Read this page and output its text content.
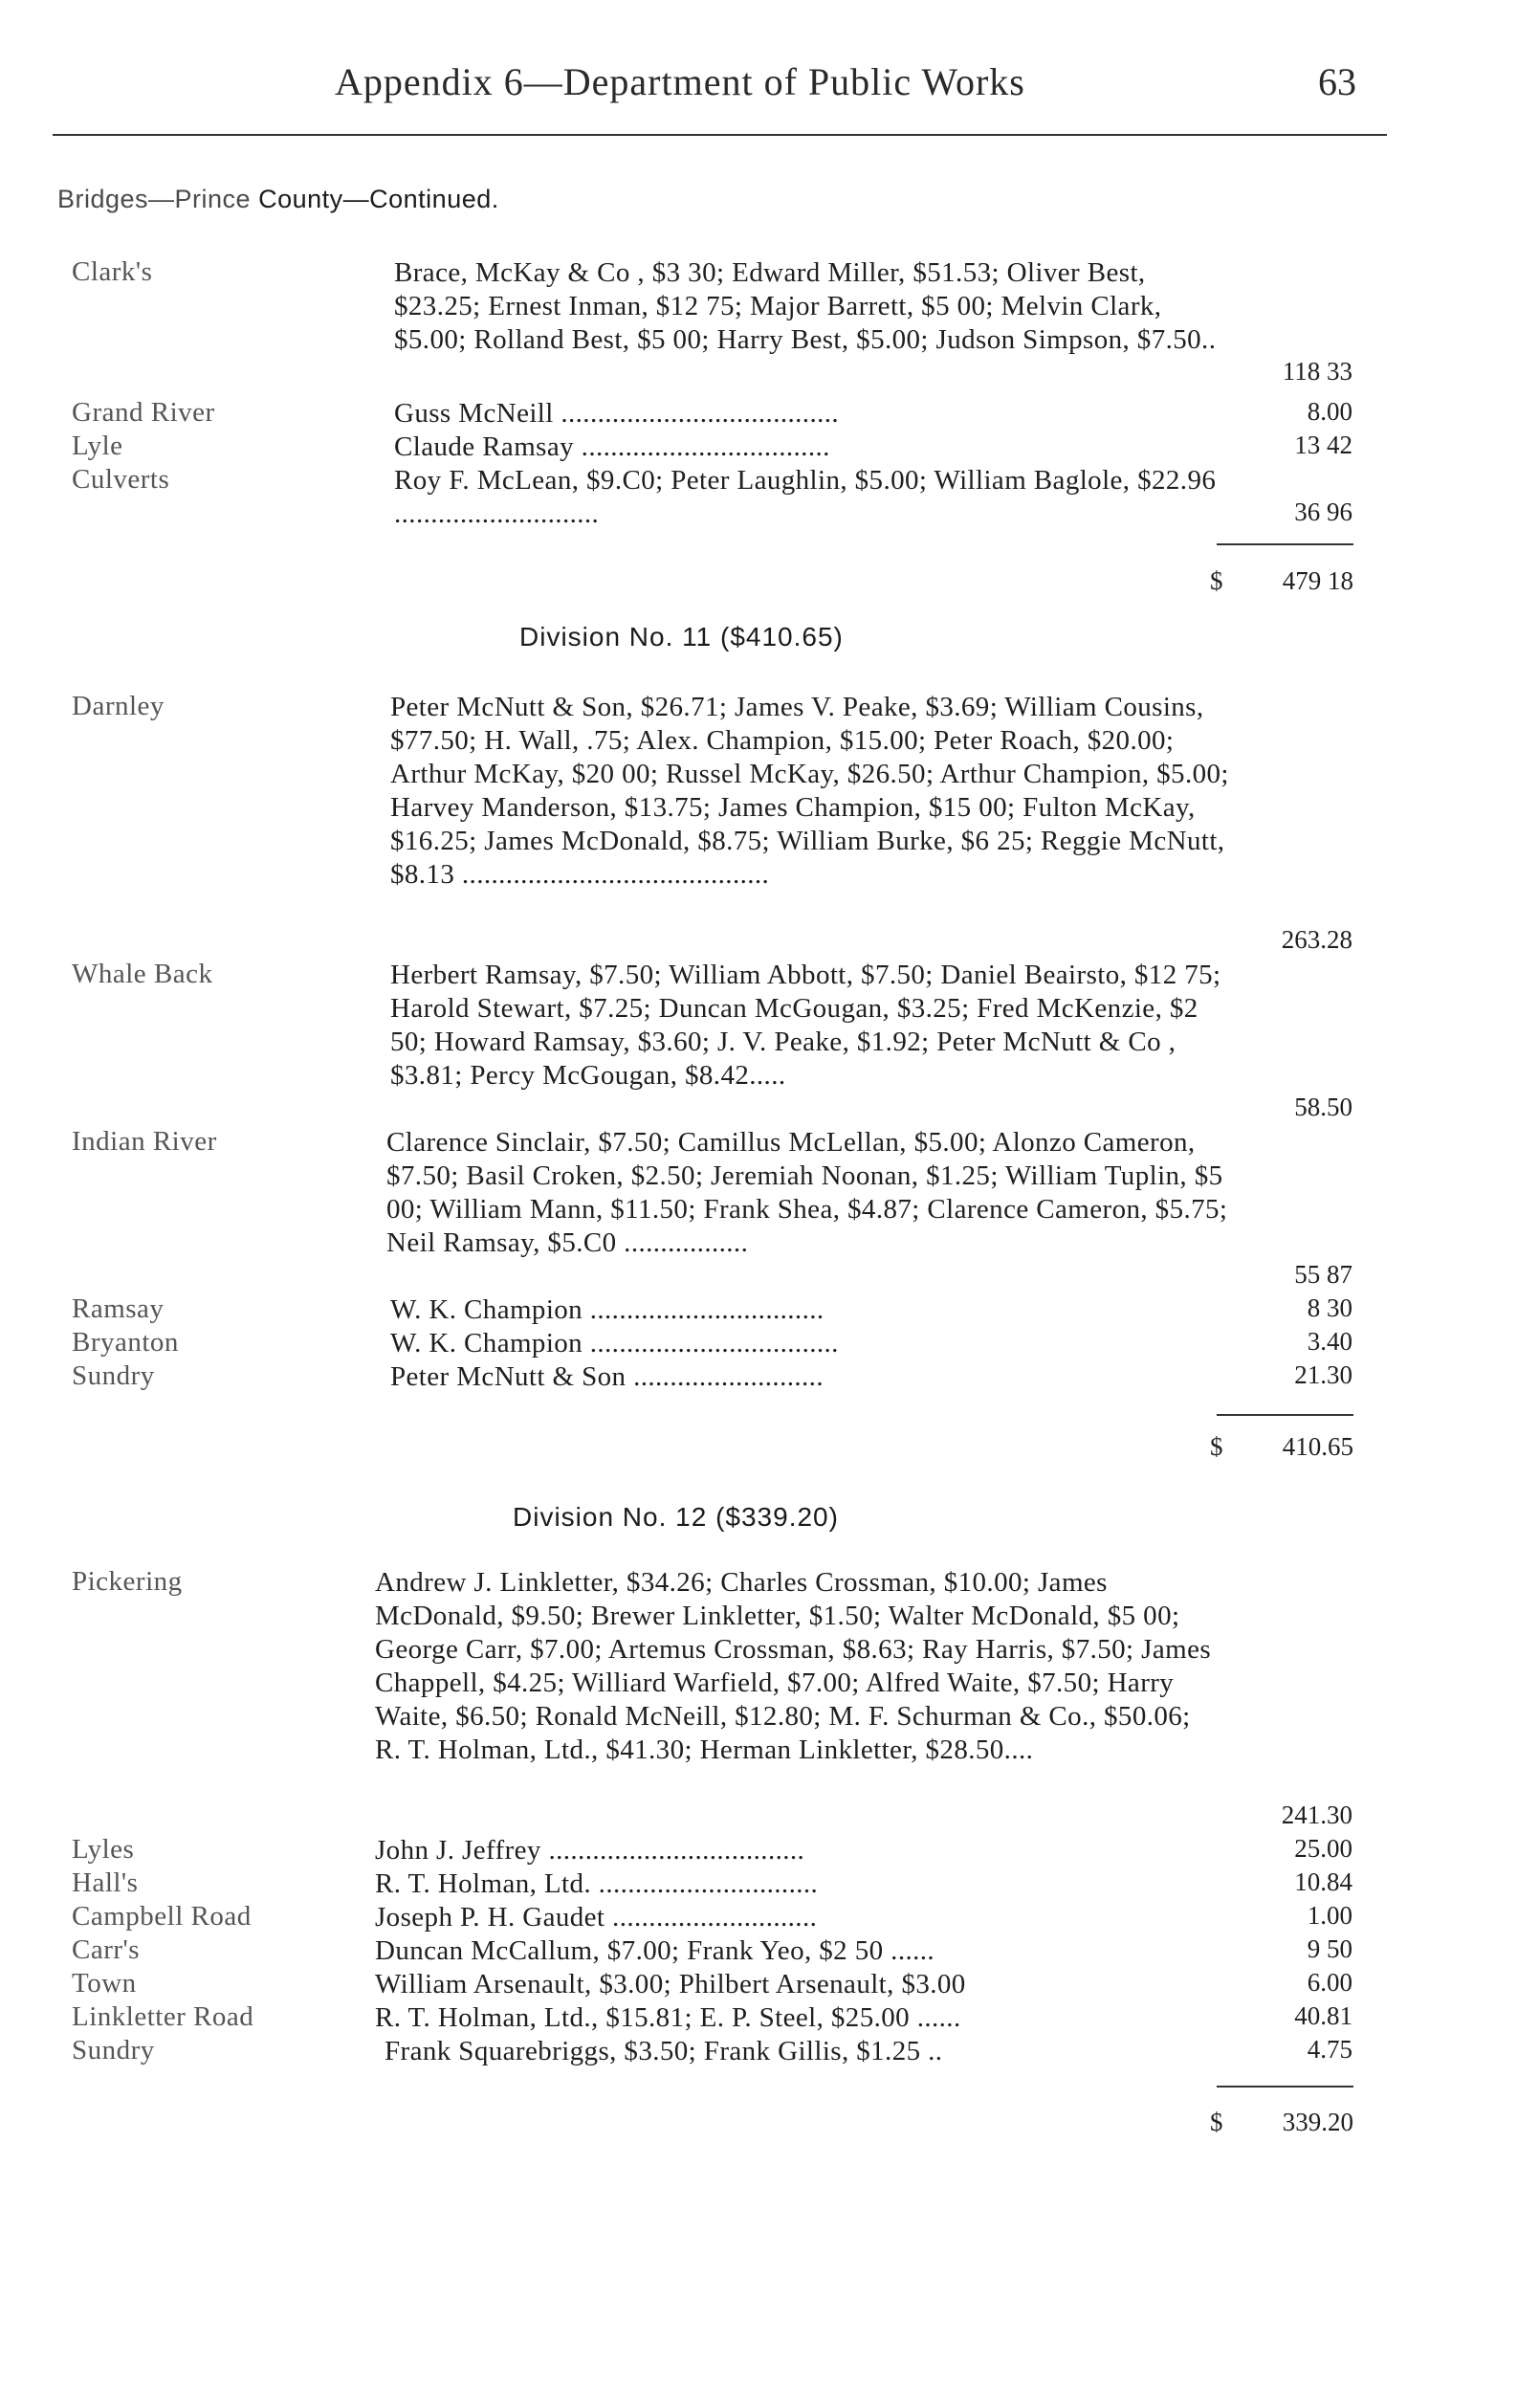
Appendix 6—Department of Public Works	63
Bridges—Prince County—Continued.
Clark's	Brace, McKay & Co , $3 30; Edward Miller, $51.53; Oliver Best, $23.25; Ernest Inman, $12 75; Major Barrett, $5 00; Melvin Clark, $5.00; Rolland Best, $5 00; Harry Best, $5.00; Judson Simpson, $7.50..
118 33
Grand River	Guss McNeill ......................................	8.00
Lyle	Claude Ramsay ..................................	13 42
Culverts	Roy F. McLean, $9.C0; Peter Laughlin, $5.00; William Baglole, $22.96 ............................	36 96
$ 479 18
Division No. 11 ($410.65)
Darnley	Peter McNutt & Son, $26.71; James V. Peake, $3.69; William Cousins, $77.50; H. Wall, .75; Alex. Champion, $15.00; Peter Roach, $20.00; Arthur McKay, $20 00; Russel McKay, $26.50; Arthur Champion, $5.00; Harvey Manderson, $13.75; James Champion, $15 00; Fulton McKay, $16.25; James McDonald, $8.75; William Burke, $6 25; Reggie McNutt, $8.13 ..........................................
263.28
Whale Back	Herbert Ramsay, $7.50; William Abbott, $7.50; Daniel Beairsto, $12 75; Harold Stewart, $7.25; Duncan McGougan, $3.25; Fred McKenzie, $2 50; Howard Ramsay, $3.60; J. V. Peake, $1.92; Peter McNutt & Co , $3.81; Percy McGougan, $8.42.....
58.50
Indian River	Clarence Sinclair, $7.50; Camillus McLellan, $5.00; Alonzo Cameron, $7.50; Basil Croken, $2.50; Jeremiah Noonan, $1.25; William Tuplin, $5 00; William Mann, $11.50; Frank Shea, $4.87; Clarence Cameron, $5.75; Neil Ramsay, $5.C0 .................
55 87
Ramsay	W. K. Champion ................................	8 30
Bryanton	W. K. Champion ..................................	3.40
Sundry	Peter McNutt & Son ..........................	21.30
$ 410.65
Division No. 12 ($339.20)
Pickering	Andrew J. Linkletter, $34.26; Charles Crossman, $10.00; James McDonald, $9.50; Brewer Linkletter, $1.50; Walter McDonald, $5 00; George Carr, $7.00; Artemus Crossman, $8.63; Ray Harris, $7.50; James Chappell, $4.25; Williard Warfield, $7.00; Alfred Waite, $7.50; Harry Waite, $6.50; Ronald McNeill, $12.80; M. F. Schurman & Co., $50.06; R. T. Holman, Ltd., $41.30; Herman Linkletter, $28.50....
241.30
Lyles	John J. Jeffrey ...................................	25.00
Hall's	R. T. Holman, Ltd. ..............................	10.84
Campbell Road	Joseph P. H. Gaudet ............................	1.00
Carr's	Duncan McCallum, $7.00; Frank Yeo, $2 50 ......	9 50
Town	William Arsenault, $3.00; Philbert Arsenault, $3.00	6.00
Linkletter Road	R. T. Holman, Ltd., $15.81; E. P. Steel, $25.00 ......	40.81
Sundry	Frank Squarebriggs, $3.50; Frank Gillis, $1.25 ..	4.75
$ 339.20
